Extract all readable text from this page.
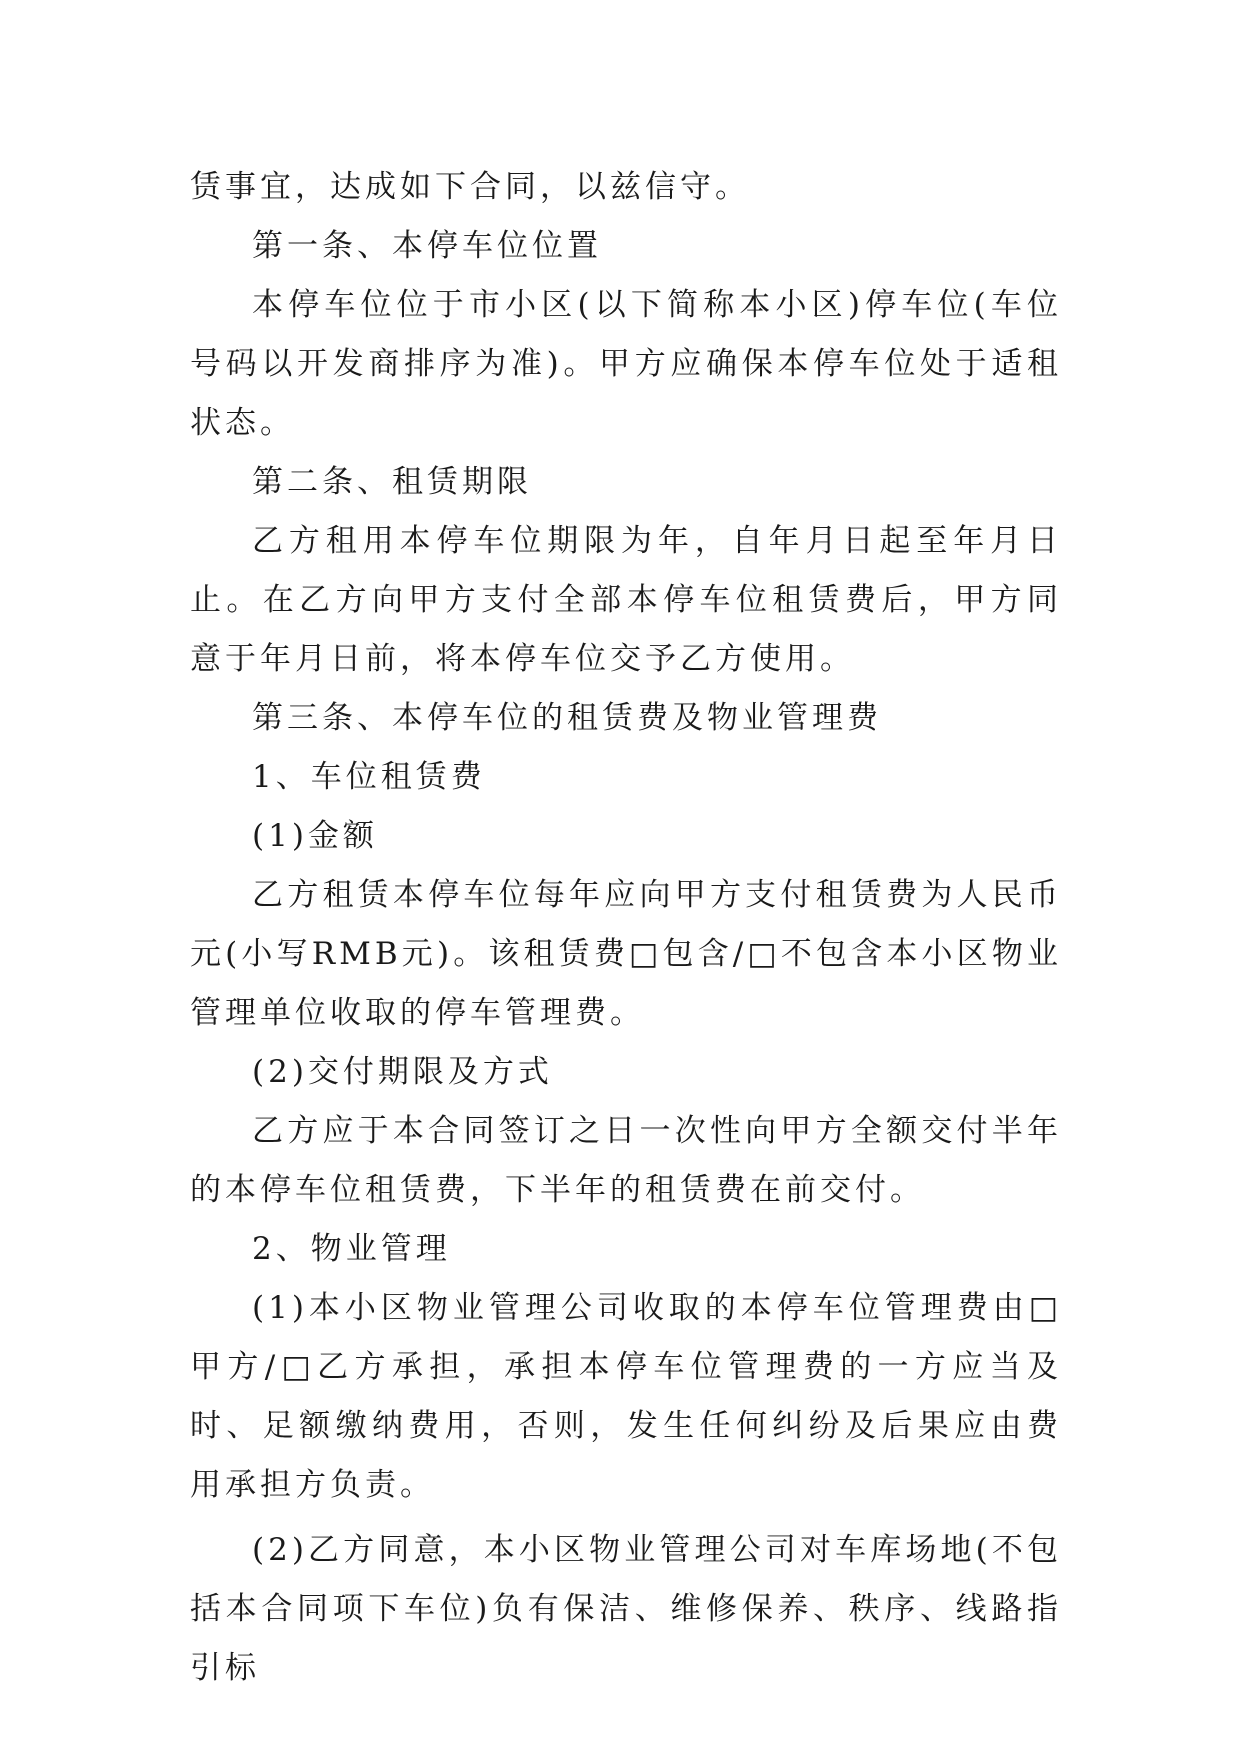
赁事宜，达成如下合同，以兹信守。

第一条、本停车位位置

本停车位位于市小区(以下简称本小区)停车位(车位号码以开发商排序为准)。甲方应确保本停车位处于适租状态。

第二条、租赁期限

乙方租用本停车位期限为年，自年月日起至年月日止。在乙方向甲方支付全部本停车位租赁费后，甲方同意于年月日前，将本停车位交予乙方使用。

第三条、本停车位的租赁费及物业管理费

1、车位租赁费

(1)金额

乙方租赁本停车位每年应向甲方支付租赁费为人民币元(小写RMB元)。该租赁费□包含/□不包含本小区物业管理单位收取的停车管理费。

(2)交付期限及方式

乙方应于本合同签订之日一次性向甲方全额交付半年的本停车位租赁费，下半年的租赁费在前交付。

2、物业管理

(1)本小区物业管理公司收取的本停车位管理费由□甲方/□乙方承担，承担本停车位管理费的一方应当及时、足额缴纳费用，否则，发生任何纠纷及后果应由费用承担方负责。

(2)乙方同意，本小区物业管理公司对车库场地(不包括本合同项下车位)负有保洁、维修保养、秩序、线路指引标
